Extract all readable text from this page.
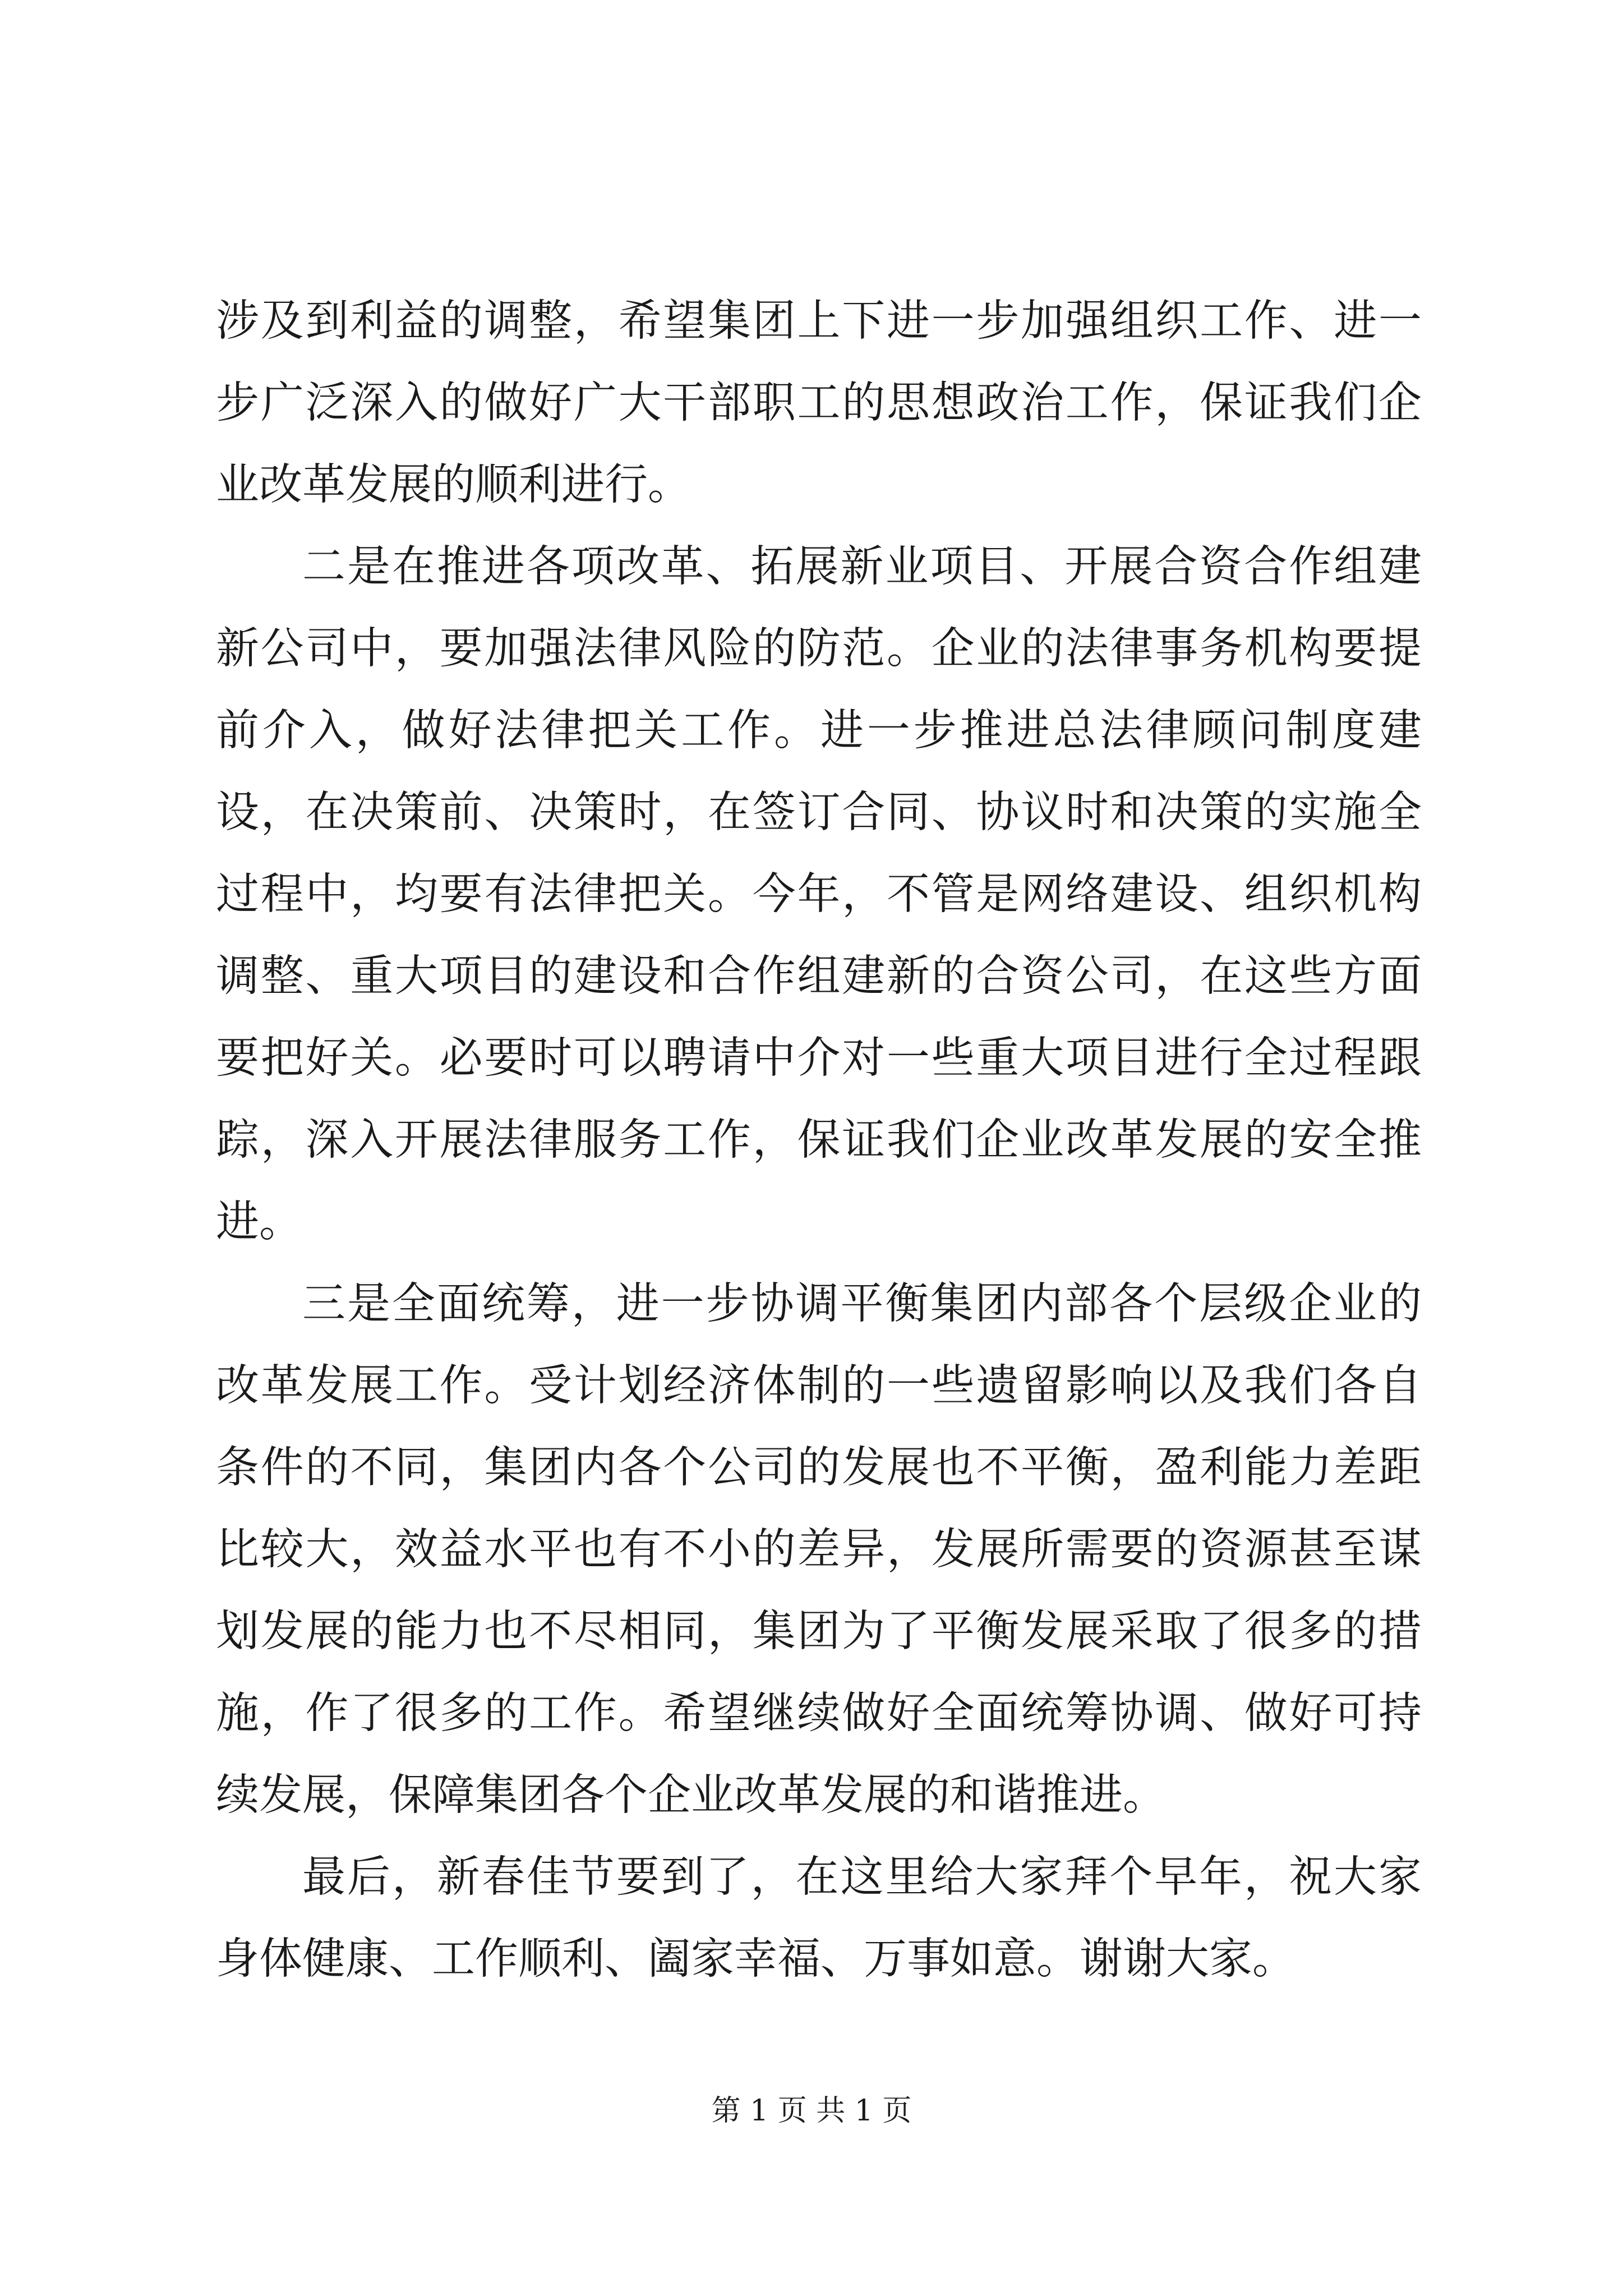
涉及到利益的调整，希望集团上下进一步加强组织工作、进一步广泛深入的做好广大干部职工的思想政治工作，保证我们企业改革发展的顺利进行。

二是在推进各项改革、拓展新业项目、开展合资合作组建新公司中，要加强法律风险的防范。企业的法律事务机构要提前介入，做好法律把关工作。进一步推进总法律顾问制度建设，在决策前、决策时，在签订合同、协议时和决策的实施全过程中，均要有法律把关。今年，不管是网络建设、组织机构调整、重大项目的建设和合作组建新的合资公司，在这些方面要把好关。必要时可以聘请中介对一些重大项目进行全过程跟踪，深入开展法律服务工作，保证我们企业改革发展的安全推进。

三是全面统筹，进一步协调平衡集团内部各个层级企业的改革发展工作。受计划经济体制的一些遗留影响以及我们各自条件的不同，集团内各个公司的发展也不平衡，盈利能力差距比较大，效益水平也有不小的差异，发展所需要的资源甚至谋划发展的能力也不尽相同，集团为了平衡发展采取了很多的措施，作了很多的工作。希望继续做好全面统筹协调、做好可持续发展，保障集团各个企业改革发展的和谐推进。

最后，新春佳节要到了，在这里给大家拜个早年，祝大家身体健康、工作顺利、阖家幸福、万事如意。谢谢大家。

第 1 页 共 1 页
